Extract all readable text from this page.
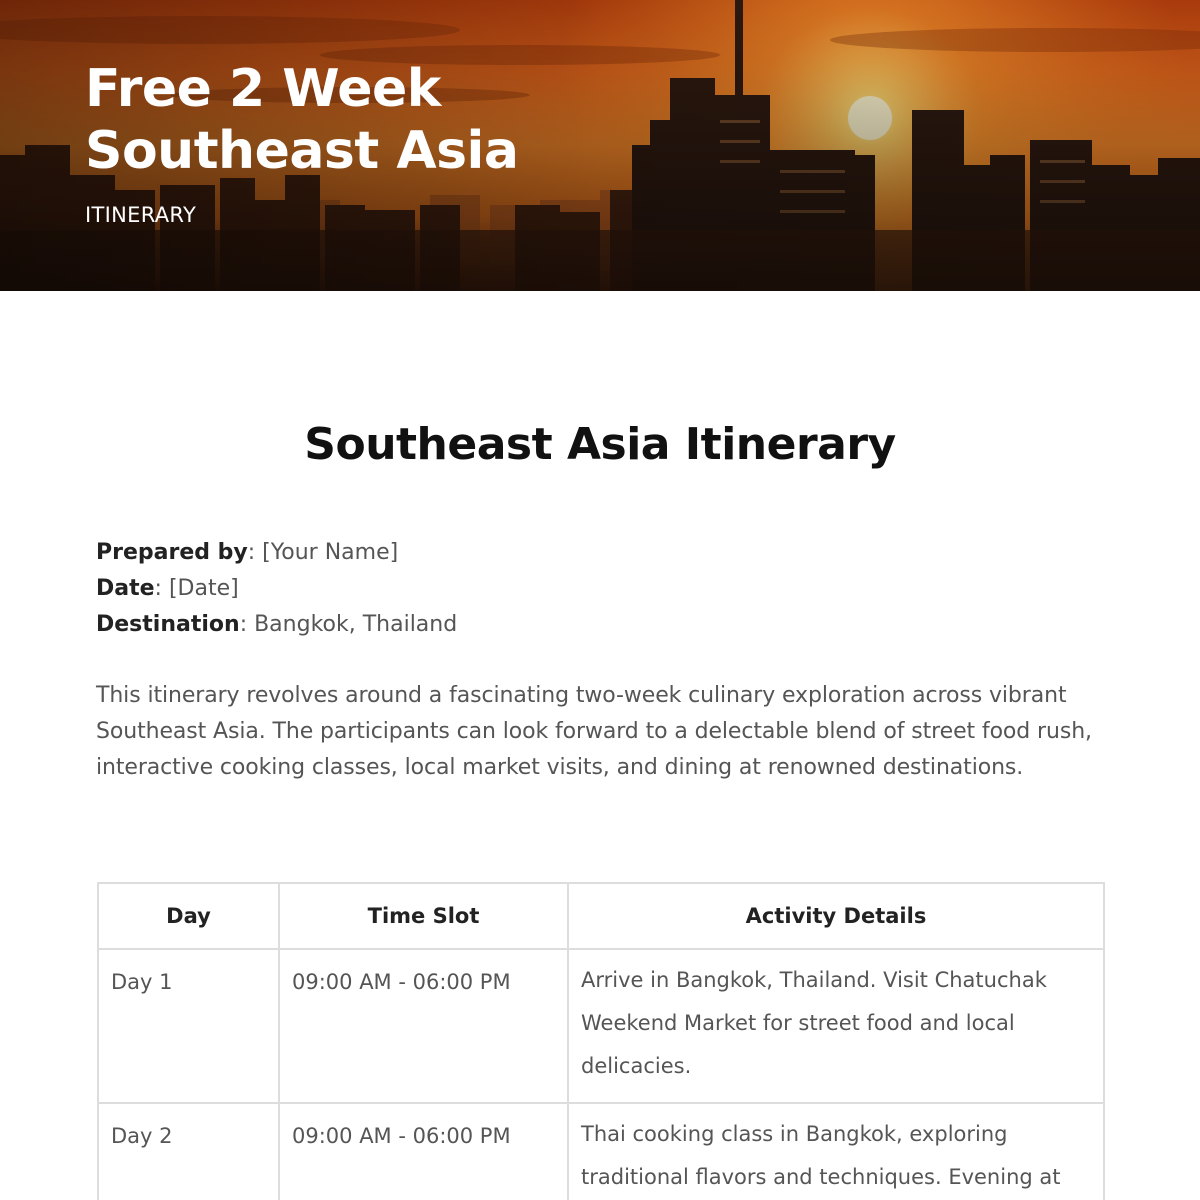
Free 2 Week
Southeast Asia
ITINERARY
Southeast Asia Itinerary
Prepared by: [Your Name]
Date: [Date]
Destination: Bangkok, Thailand

This itinerary revolves around a fascinating two-week culinary exploration across vibrant Southeast Asia. The participants can look forward to a delectable blend of street food rush, interactive cooking classes, local market visits, and dining at renowned destinations.

Day	Time Slot	Activity Details
Day 1	09:00 AM - 06:00 PM	Arrive in Bangkok, Thailand. Visit Chatuchak Weekend Market for street food and local delicacies.
Day 2	09:00 AM - 06:00 PM	Thai cooking class in Bangkok, exploring traditional flavors and techniques. Evening at
